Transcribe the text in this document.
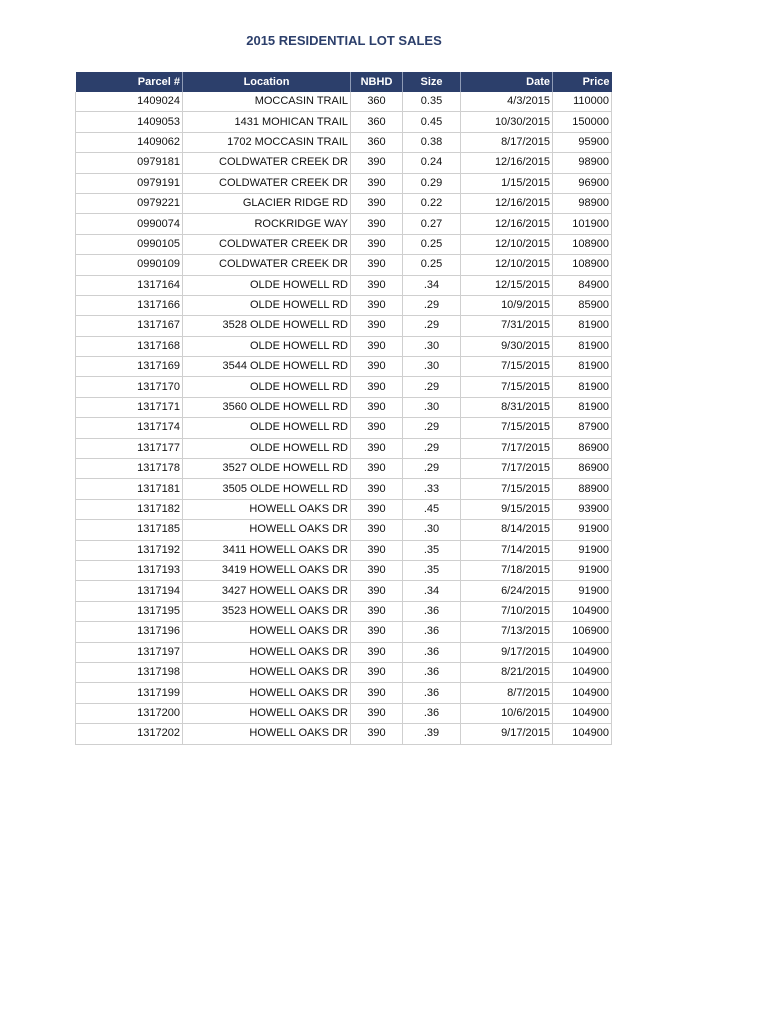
2015 RESIDENTIAL LOT SALES
Parcel #	Location	NBHD	Size	Date	Price
1409024	MOCCASIN TRAIL	360	0.35	4/3/2015	110000
1409053	1431 MOHICAN TRAIL	360	0.45	10/30/2015	150000
1409062	1702 MOCCASIN TRAIL	360	0.38	8/17/2015	95900
0979181	COLDWATER CREEK DR	390	0.24	12/16/2015	98900
0979191	COLDWATER CREEK DR	390	0.29	1/15/2015	96900
0979221	GLACIER RIDGE RD	390	0.22	12/16/2015	98900
0990074	ROCKRIDGE WAY	390	0.27	12/16/2015	101900
0990105	COLDWATER CREEK DR	390	0.25	12/10/2015	108900
0990109	COLDWATER CREEK DR	390	0.25	12/10/2015	108900
1317164	OLDE HOWELL RD	390	.34	12/15/2015	84900
1317166	OLDE HOWELL RD	390	.29	10/9/2015	85900
1317167	3528 OLDE HOWELL RD	390	.29	7/31/2015	81900
1317168	OLDE HOWELL RD	390	.30	9/30/2015	81900
1317169	3544 OLDE HOWELL RD	390	.30	7/15/2015	81900
1317170	OLDE HOWELL RD	390	.29	7/15/2015	81900
1317171	3560 OLDE HOWELL RD	390	.30	8/31/2015	81900
1317174	OLDE HOWELL RD	390	.29	7/15/2015	87900
1317177	OLDE HOWELL RD	390	.29	7/17/2015	86900
1317178	3527 OLDE HOWELL RD	390	.29	7/17/2015	86900
1317181	3505 OLDE HOWELL RD	390	.33	7/15/2015	88900
1317182	HOWELL OAKS DR	390	.45	9/15/2015	93900
1317185	HOWELL OAKS DR	390	.30	8/14/2015	91900
1317192	3411 HOWELL OAKS DR	390	.35	7/14/2015	91900
1317193	3419 HOWELL OAKS DR	390	.35	7/18/2015	91900
1317194	3427 HOWELL OAKS DR	390	.34	6/24/2015	91900
1317195	3523 HOWELL OAKS DR	390	.36	7/10/2015	104900
1317196	HOWELL OAKS DR	390	.36	7/13/2015	106900
1317197	HOWELL OAKS DR	390	.36	9/17/2015	104900
1317198	HOWELL OAKS DR	390	.36	8/21/2015	104900
1317199	HOWELL OAKS DR	390	.36	8/7/2015	104900
1317200	HOWELL OAKS DR	390	.36	10/6/2015	104900
1317202	HOWELL OAKS DR	390	.39	9/17/2015	104900
